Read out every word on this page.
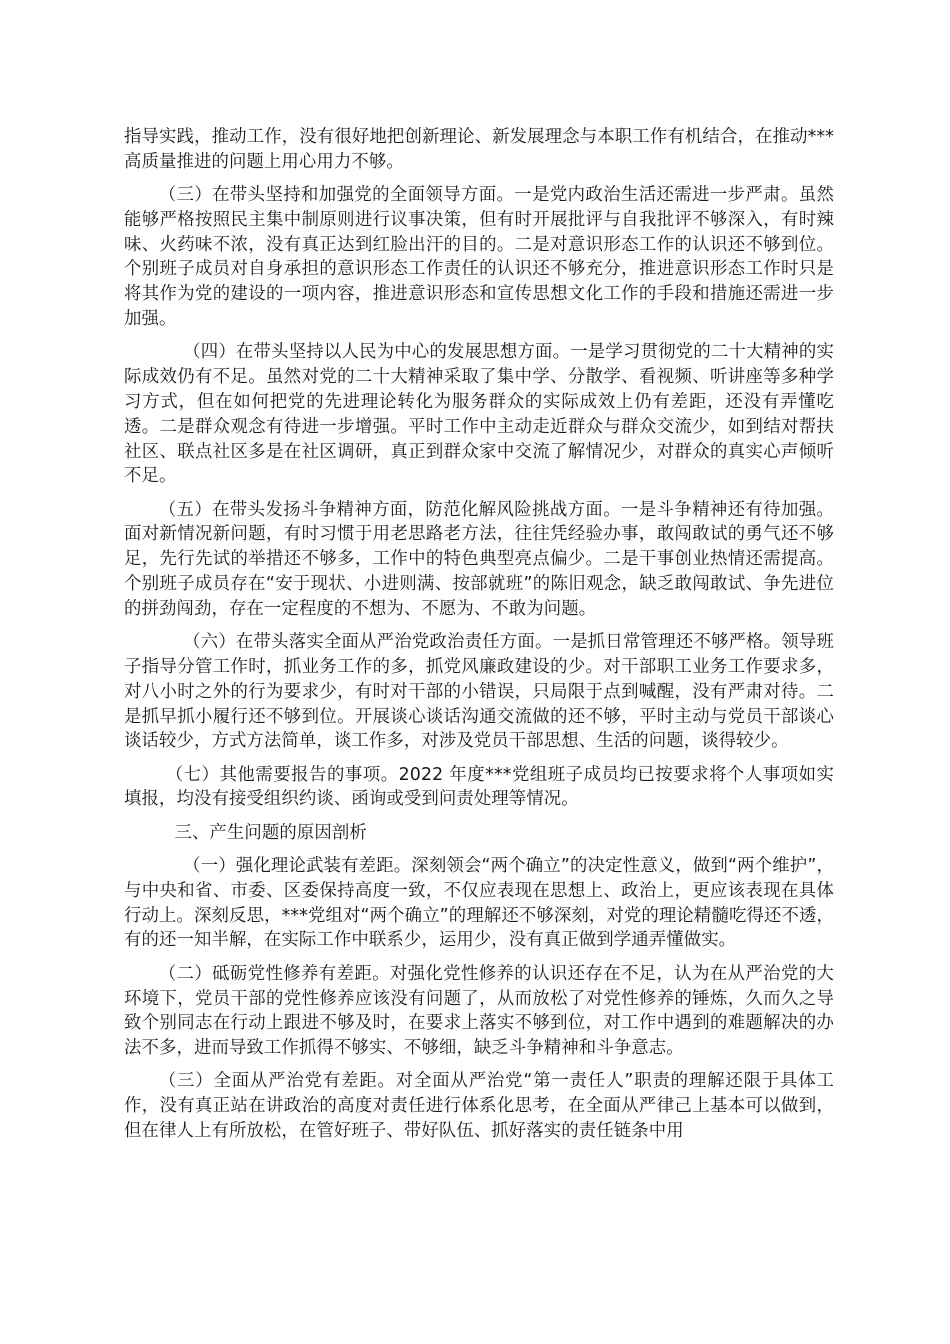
指导实践，推动工作，没有很好地把创新理论、新发展理念与本职工作有机结合，在推动***高质量推进的问题上用心用力不够。

（三）在带头坚持和加强党的全面领导方面。一是党内政治生活还需进一步严肃。虽然能够严格按照民主集中制原则进行议事决策，但有时开展批评与自我批评不够深入，有时辣味、火药味不浓，没有真正达到红脸出汗的目的。二是对意识形态工作的认识还不够到位。个别班子成员对自身承担的意识形态工作责任的认识还不够充分，推进意识形态工作时只是将其作为党的建设的一项内容，推进意识形态和宣传思想文化工作的手段和措施还需进一步加强。

（四）在带头坚持以人民为中心的发展思想方面。一是学习贯彻党的二十大精神的实际成效仍有不足。虽然对党的二十大精神采取了集中学、分散学、看视频、听讲座等多种学习方式，但在如何把党的先进理论转化为服务群众的实际成效上仍有差距，还没有弄懂吃透。二是群众观念有待进一步增强。平时工作中主动走近群众与群众交流少，如到结对帮扶社区、联点社区多是在社区调研，真正到群众家中交流了解情况少，对群众的真实心声倾听不足。

（五）在带头发扬斗争精神方面，防范化解风险挑战方面。一是斗争精神还有待加强。面对新情况新问题，有时习惯于用老思路老方法，往往凭经验办事，敢闯敢试的勇气还不够足，先行先试的举措还不够多，工作中的特色典型亮点偏少。二是干事创业热情还需提高。个别班子成员存在“安于现状、小进则满、按部就班”的陈旧观念，缺乏敢闯敢试、争先进位的拼劲闯劲，存在一定程度的不想为、不愿为、不敢为问题。

（六）在带头落实全面从严治党政治责任方面。一是抓日常管理还不够严格。领导班子指导分管工作时，抓业务工作的多，抓党风廉政建设的少。对干部职工业务工作要求多，对八小时之外的行为要求少，有时对干部的小错误，只局限于点到喊醒，没有严肃对待。二是抓早抓小履行还不够到位。开展谈心谈话沟通交流做的还不够，平时主动与党员干部谈心谈话较少，方式方法简单，谈工作多，对涉及党员干部思想、生活的问题，谈得较少。

（七）其他需要报告的事项。2022 年度***党组班子成员均已按要求将个人事项如实填报，均没有接受组织约谈、函询或受到问责处理等情况。

三、产生问题的原因剖析

（一）强化理论武装有差距。深刻领会“两个确立”的决定性意义，做到“两个维护”，与中央和省、市委、区委保持高度一致，不仅应表现在思想上、政治上，更应该表现在具体行动上。深刻反思，***党组对“两个确立”的理解还不够深刻，对党的理论精髓吃得还不透，有的还一知半解，在实际工作中联系少，运用少，没有真正做到学通弄懂做实。

（二）砥砺党性修养有差距。对强化党性修养的认识还存在不足，认为在从严治党的大环境下，党员干部的党性修养应该没有问题了，从而放松了对党性修养的锤炼，久而久之导致个别同志在行动上跟进不够及时，在要求上落实不够到位，对工作中遇到的难题解决的办法不多，进而导致工作抓得不够实、不够细，缺乏斗争精神和斗争意志。

（三）全面从严治党有差距。对全面从严治党“第一责任人”职责的理解还限于具体工作，没有真正站在讲政治的高度对责任进行体系化思考，在全面从严律己上基本可以做到，但在律人上有所放松，在管好班子、带好队伍、抓好落实的责任链条中用
